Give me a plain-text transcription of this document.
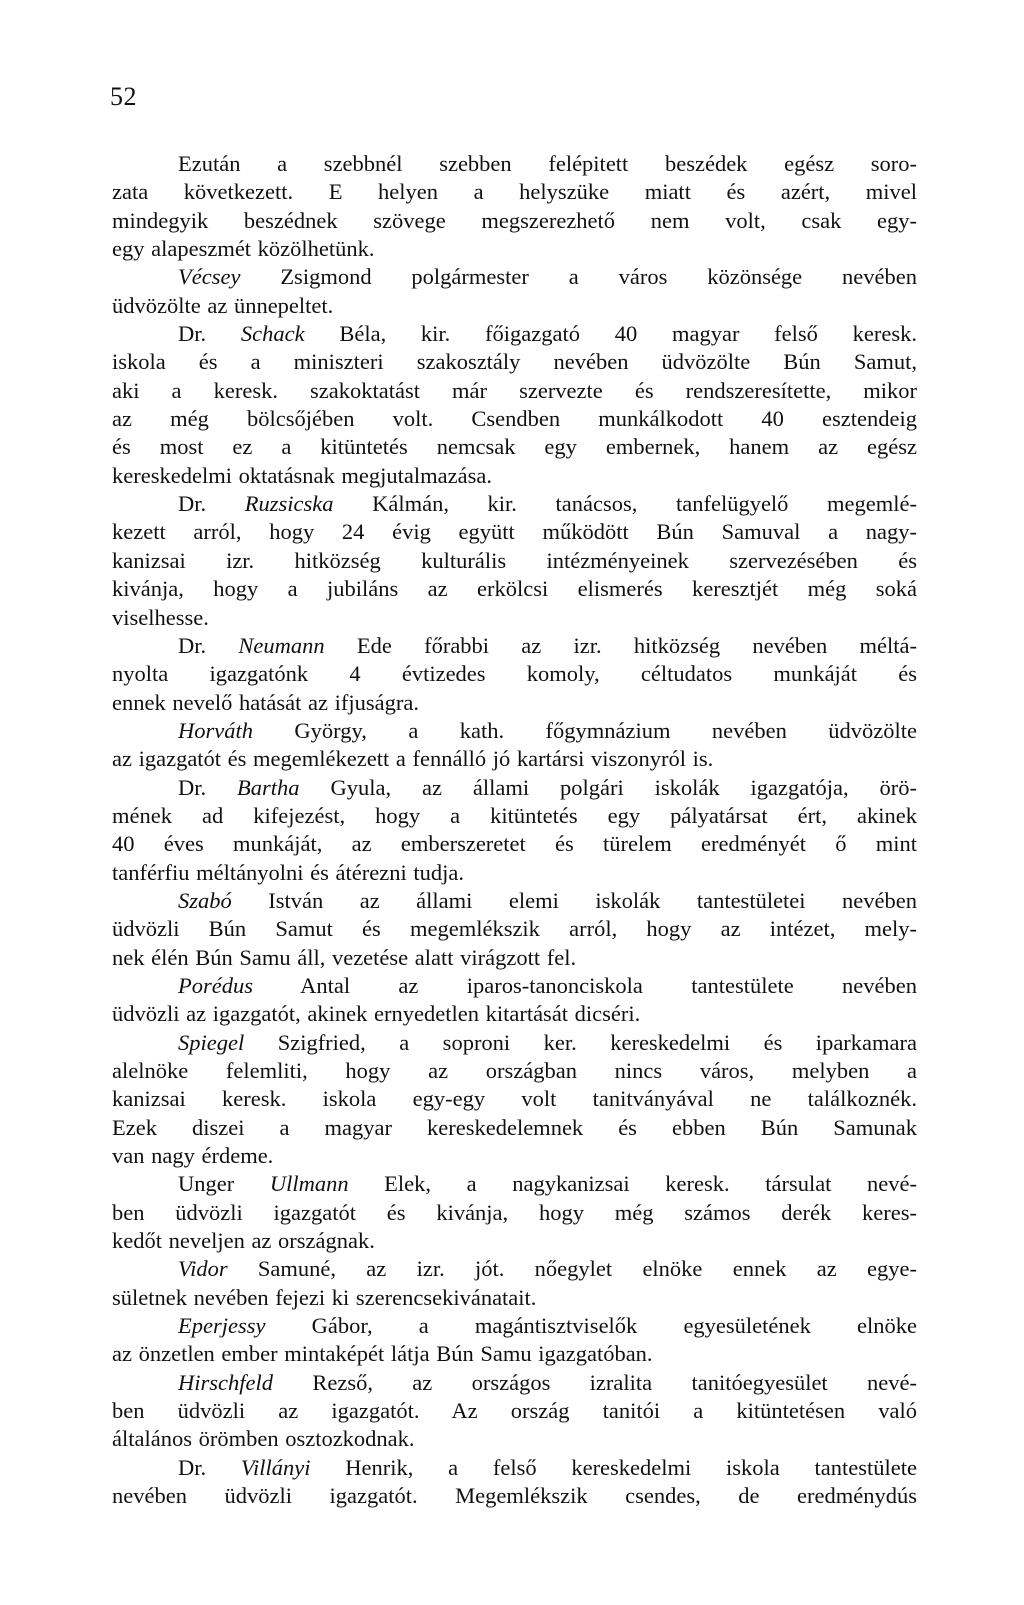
52
Ezután a szebbnél szebben felépitett beszédek egész soro-
zata következett. E helyen a helyszüke miatt és azért, mivel
mindegyik beszédnek szövege megszerezhető nem volt, csak egy-
egy alapeszmét közölhetünk.
Vécsey Zsigmond polgármester a város közönsége nevében
üdvözölte az ünnepeltet.
Dr. Schack Béla, kir. főigazgató 40 magyar felső keresk.
iskola és a miniszteri szakosztály nevében üdvözölte Bún Samut,
aki a keresk. szakoktatást már szervezte és rendszeresítette, mikor
az még bölcsőjében volt. Csendben munkálkodott 40 esztendeig
és most ez a kitüntetés nemcsak egy embernek, hanem az egész
kereskedelmi oktatásnak megjutalmazása.
Dr. Ruzsicska Kálmán, kir. tanácsos, tanfelügyelő megemlé-
kezett arról, hogy 24 évig együtt működött Bún Samuval a nagy-
kanizsai izr. hitközség kulturális intézményeinek szervezésében és
kivánja, hogy a jubiláns az erkölcsi elismerés keresztjét még soká
viselhesse.
Dr. Neumann Ede főrabbi az izr. hitközség nevében méltá-
nyolta igazgatónk 4 évtizedes komoly, céltudatos munkáját és
ennek nevelő hatását az ifjuságra.
Horváth György, a kath. főgymnázium nevében üdvözölte
az igazgatót és megemlékezett a fennálló jó kartársi viszonyról is.
Dr. Bartha Gyula, az állami polgári iskolák igazgatója, örö-
mének ad kifejezést, hogy a kitüntetés egy pályatársat ért, akinek
40 éves munkáját, az emberszeretet és türelem eredményét ő mint
tanférfiu méltányolni és átérezni tudja.
Szabó István az állami elemi iskolák tantestületei nevében
üdvözli Bún Samut és megemlékszik arról, hogy az intézet, mely-
nek élén Bún Samu áll, vezetése alatt virágzott fel.
Porédus Antal az iparos-tanonciskola tantestülete nevében
üdvözli az igazgatót, akinek ernyedetlen kitartását dicséri.
Spiegel Szigfried, a soproni ker. kereskedelmi és iparkamara
alelnöke felemliti, hogy az országban nincs város, melyben a
kanizsai keresk. iskola egy-egy volt tanitványával ne találkoznék.
Ezek diszei a magyar kereskedelemnek és ebben Bún Samunak
van nagy érdeme.
Unger Ullmann Elek, a nagykanizsai keresk. társulat nevé-
ben üdvözli igazgatót és kivánja, hogy még számos derék keres-
kedőt neveljen az országnak.
Vidor Samuné, az izr. jót. nőegylet elnöke ennek az egye-
sületnek nevében fejezi ki szerencsekivánatait.
Eperjessy Gábor, a magántisztviselők egyesületének elnöke
az önzetlen ember mintaképét látja Bún Samu igazgatóban.
Hirschfeld Rezső, az országos izralita tanitóegyesület nevé-
ben üdvözli az igazgatót. Az ország tanitói a kitüntetésen való
általános örömben osztozkodnak.
Dr. Villányi Henrik, a felső kereskedelmi iskola tantestülete
nevében üdvözli igazgatót. Megemlékszik csendes, de eredménydús
